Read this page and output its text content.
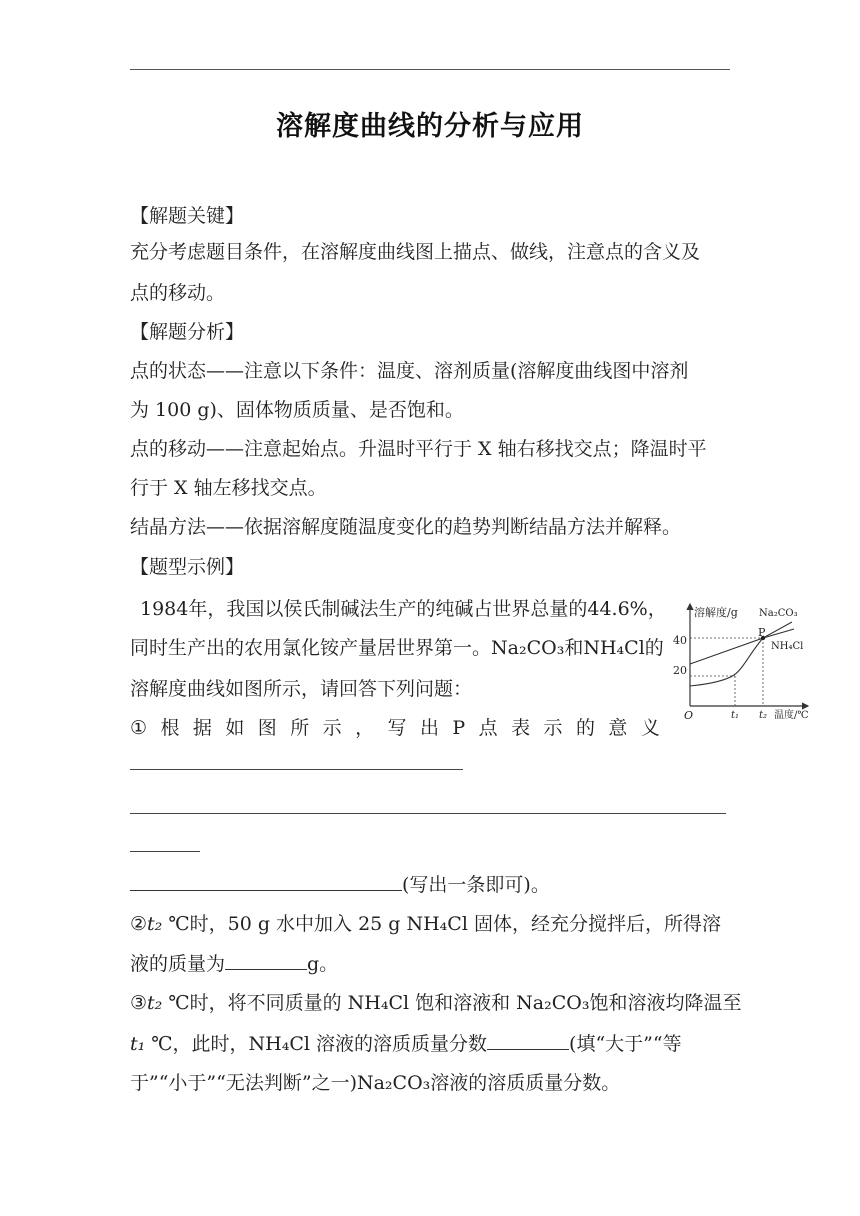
溶解度曲线的分析与应用
【解题关键】
充分考虑题目条件，在溶解度曲线图上描点、做线，注意点的含义及
点的移动。
【解题分析】
点的状态——注意以下条件：温度、溶剂质量(溶解度曲线图中溶剂
为 100 g)、固体物质质量、是否饱和。
点的移动——注意起始点。升温时平行于 X 轴右移找交点；降温时平
行于 X 轴左移找交点。
结晶方法——依据溶解度随温度变化的趋势判断结晶方法并解释。
【题型示例】
1984年，我国以侯氏制碱法生产的纯碱占世界总量的44.6%，
同时生产出的农用氯化铵产量居世界第一。Na₂CO₃和NH₄Cl的
溶解度曲线如图所示，请回答下列问题：
① 根 据 如 图 所 示 ， 写 出 P 点 表 示 的 意 义
(写出一条即可)。
②t₂ ℃时，50 g 水中加入 25 g NH₄Cl 固体，经充分搅拌后，所得溶
液的质量为	g。
③t₂ ℃时，将不同质量的 NH₄Cl 饱和溶液和 Na₂CO₃饱和溶液均降温至
t₁ ℃，此时，NH₄Cl 溶液的溶质质量分数	(填“大于”“等
于”“小于”“无法判断”之一)Na₂CO₃溶液的溶质质量分数。
溶解度/g
O	温度/℃
20
40
t₁ t₂
P
Na₂CO₃
NH₄Cl
